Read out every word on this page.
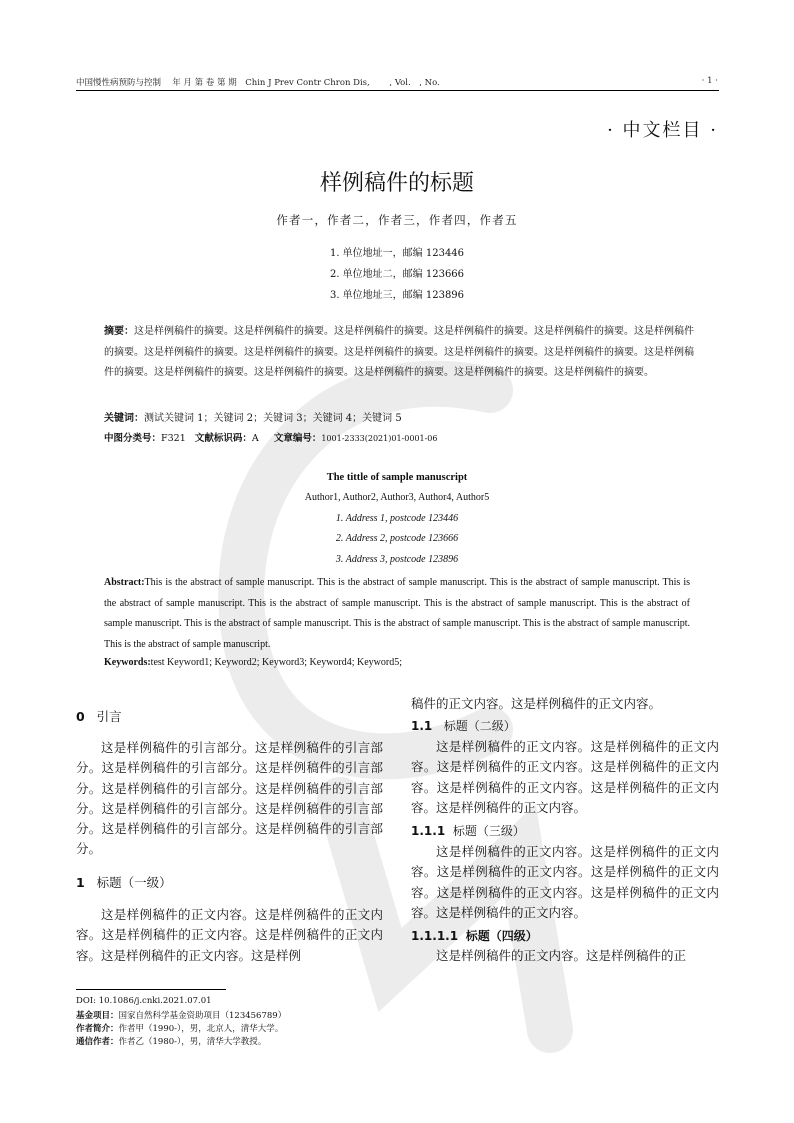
中国慢性病预防与控制　 年 月 第 卷 第 期　Chin J Prev Contr Chron Dis, 　　, Vol.　, No.	· 1 ·
· 中文栏目 ·
样例稿件的标题
作者一，作者二，作者三，作者四，作者五
1. 单位地址一，邮编 123446
2. 单位地址二，邮编 123666
3. 单位地址三，邮编 123896
摘要：这是样例稿件的摘要。这是样例稿件的摘要。这是样例稿件的摘要。这是样例稿件的摘要。这是样例稿件的摘要。这是样例稿件的摘要。这是样例稿件的摘要。这是样例稿件的摘要。这是样例稿件的摘要。这是样例稿件的摘要。这是样例稿件的摘要。这是样例稿件的摘要。这是样例稿件的摘要。这是样例稿件的摘要。这是样例稿件的摘要。这是样例稿件的摘要。这是样例稿件的摘要。
关键词：测试关键词 1；关键词 2；关键词 3；关键词 4；关键词 5
中图分类号：F321 文献标识码：A 文章编号：1001-2333(2021)01-0001-06
The tittle of sample manuscript
Author1, Author2, Author3, Author4, Author5
1. Address 1, postcode 123446
2. Address 2, postcode 123666
3. Address 3, postcode 123896
Abstract:This is the abstract of sample manuscript. This is the abstract of sample manuscript. This is the abstract of sample manuscript. This is the abstract of sample manuscript. This is the abstract of sample manuscript. This is the abstract of sample manuscript. This is the abstract of sample manuscript. This is the abstract of sample manuscript. This is the abstract of sample manuscript. This is the abstract of sample manuscript. This is the abstract of sample manuscript.
Keywords:test Keyword1; Keyword2; Keyword3; Keyword4; Keyword5;
0 引言

这是样例稿件的引言部分。这是样例稿件的引言部分。这是样例稿件的引言部分。这是样例稿件的引言部分。这是样例稿件的引言部分。这是样例稿件的引言部分。这是样例稿件的引言部分。这是样例稿件的引言部分。这是样例稿件的引言部分。这是样例稿件的引言部分。

1 标题（一级）

这是样例稿件的正文内容。这是样例稿件的正文内容。这是样例稿件的正文内容。这是样例稿件的正文内容。这是样例稿件的正文内容。这是样例

稿件的正文内容。这是样例稿件的正文内容。

1.1 标题（二级）

这是样例稿件的正文内容。这是样例稿件的正文内容。这是样例稿件的正文内容。这是样例稿件的正文内容。这是样例稿件的正文内容。这是样例稿件的正文内容。这是样例稿件的正文内容。

1.1.1 标题（三级）

这是样例稿件的正文内容。这是样例稿件的正文内容。这是样例稿件的正文内容。这是样例稿件的正文内容。这是样例稿件的正文内容。这是样例稿件的正文内容。这是样例稿件的正文内容。

1.1.1.1 标题（四级）

这是样例稿件的正文内容。这是样例稿件的正

DOI: 10.1086/j.cnki.2021.07.01
基金项目：国家自然科学基金资助项目（123456789）
作者简介：作者甲（1990-），男，北京人，清华大学。
通信作者：作者乙（1980-），男，清华大学教授。
